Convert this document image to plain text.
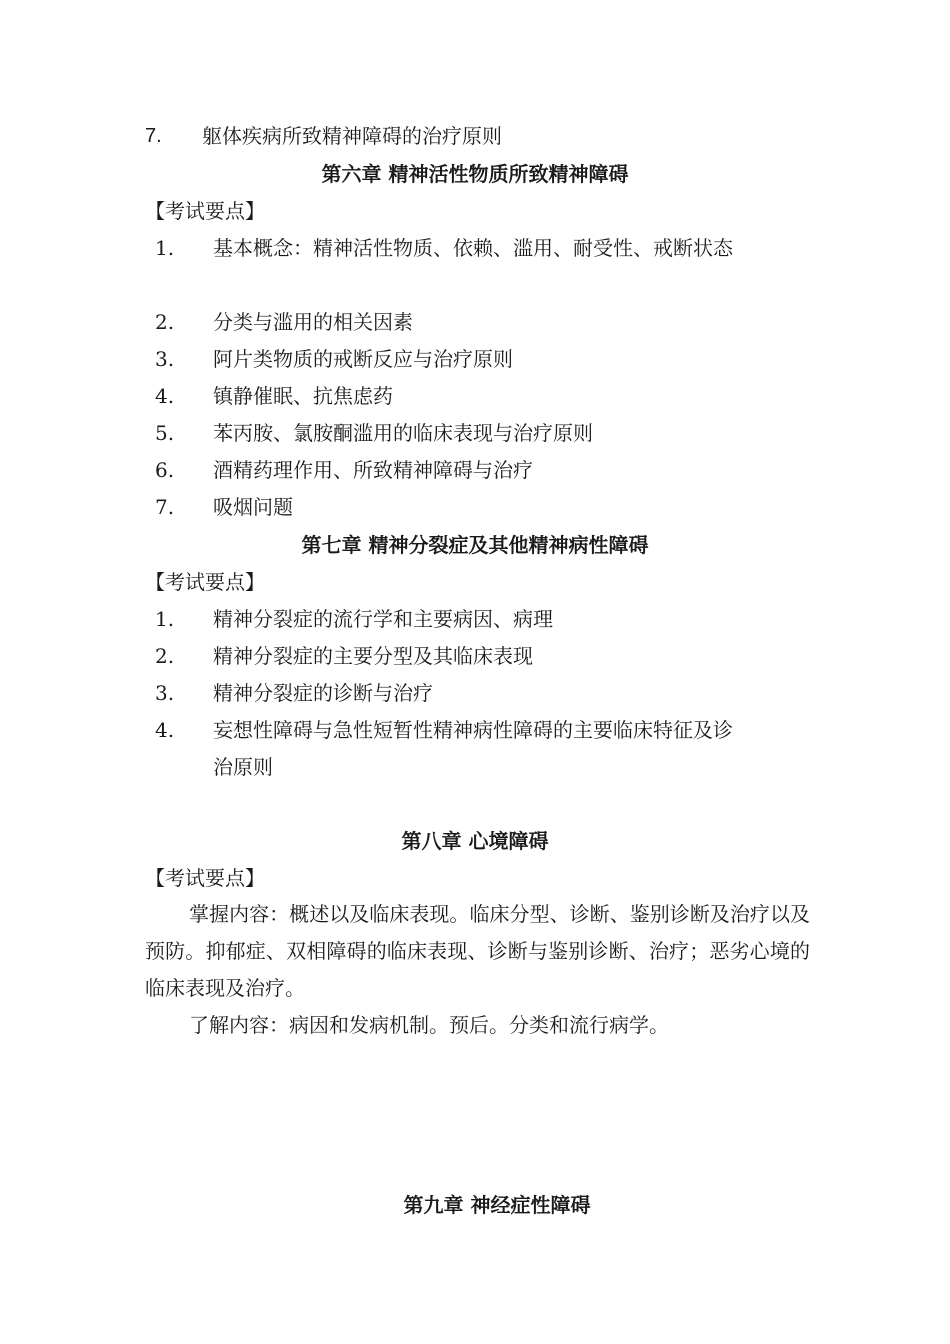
7. 躯体疾病所致精神障碍的治疗原则
第六章 精神活性物质所致精神障碍
【考试要点】
1. 基本概念：精神活性物质、依赖、滥用、耐受性、戒断状态
2. 分类与滥用的相关因素
3. 阿片类物质的戒断反应与治疗原则
4. 镇静催眠、抗焦虑药
5. 苯丙胺、氯胺酮滥用的临床表现与治疗原则
6. 酒精药理作用、所致精神障碍与治疗
7. 吸烟问题
第七章 精神分裂症及其他精神病性障碍
【考试要点】
1. 精神分裂症的流行学和主要病因、病理
2. 精神分裂症的主要分型及其临床表现
3. 精神分裂症的诊断与治疗
4. 妄想性障碍与急性短暂性精神病性障碍的主要临床特征及诊
治原则
第八章 心境障碍
【考试要点】
掌握内容：概述以及临床表现。临床分型、诊断、鉴别诊断及治疗以及预防。抑郁症、双相障碍的临床表现、诊断与鉴别诊断、治疗；恶劣心境的临床表现及治疗。
了解内容：病因和发病机制。预后。分类和流行病学。
第九章 神经症性障碍
